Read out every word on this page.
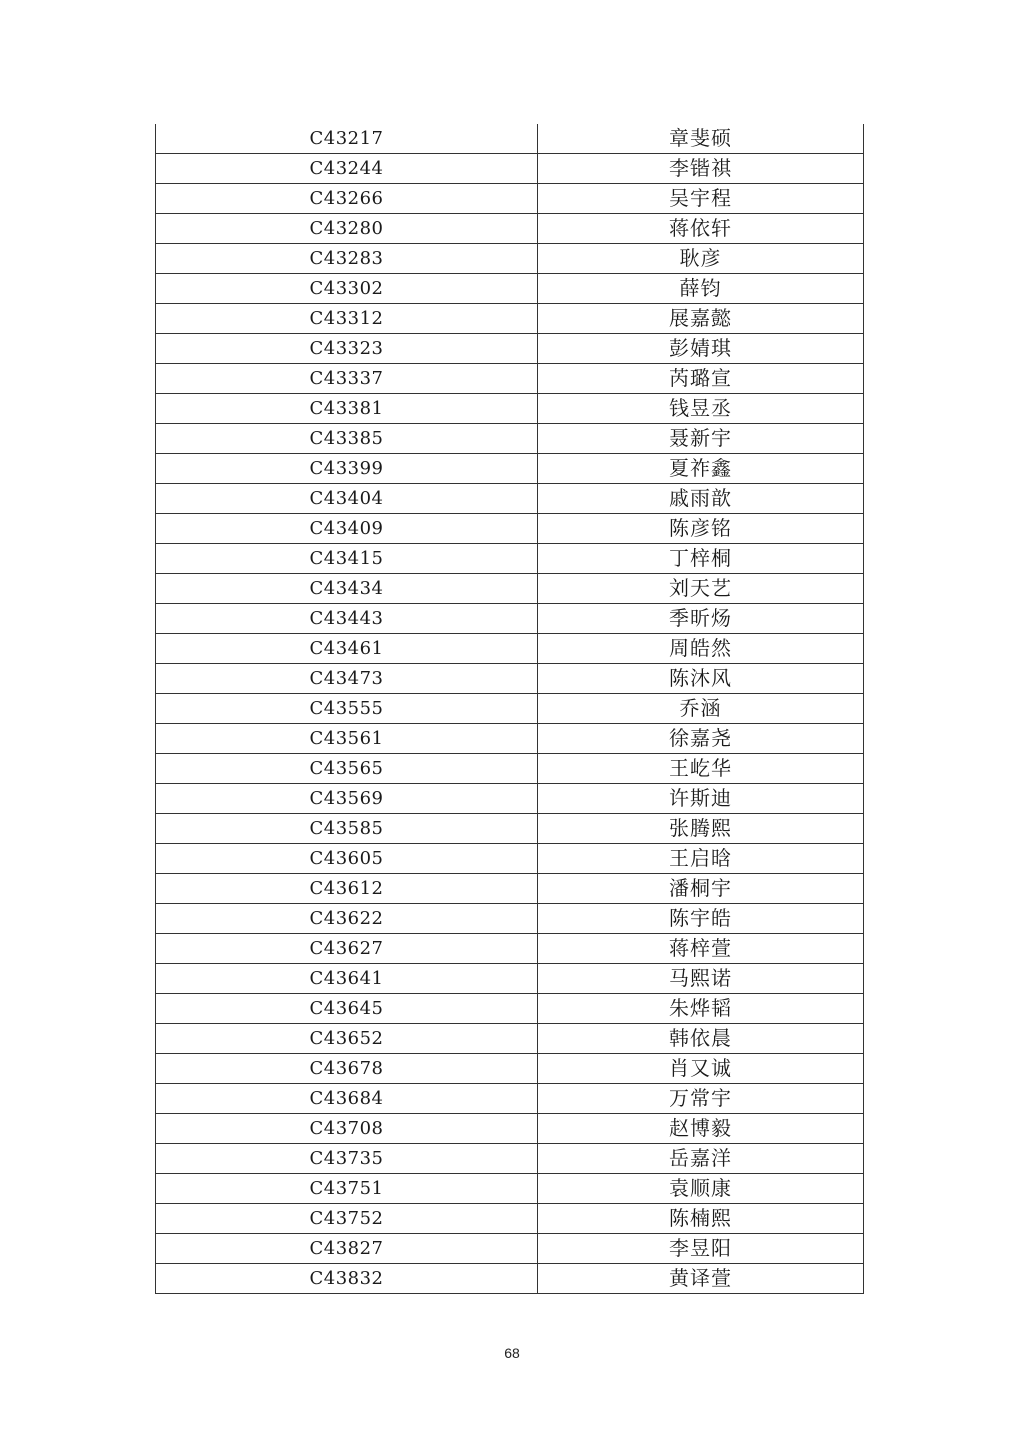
C43217	章斐硕
C43244	李锴祺
C43266	吴宇程
C43280	蒋依轩
C43283	耿彦
C43302	薛钧
C43312	展嘉懿
C43323	彭婧琪
C43337	芮璐宣
C43381	钱昱丞
C43385	聂新宇
C43399	夏祚鑫
C43404	戚雨歆
C43409	陈彦铭
C43415	丁梓桐
C43434	刘天艺
C43443	季昕炀
C43461	周皓然
C43473	陈沐风
C43555	乔涵
C43561	徐嘉尧
C43565	王屹华
C43569	许斯迪
C43585	张腾熙
C43605	王启晗
C43612	潘桐宇
C43622	陈宇皓
C43627	蒋梓萱
C43641	马熙诺
C43645	朱烨韬
C43652	韩依晨
C43678	肖又诚
C43684	万常宇
C43708	赵博毅
C43735	岳嘉洋
C43751	袁顺康
C43752	陈楠熙
C43827	李昱阳
C43832	黄译萱
68
